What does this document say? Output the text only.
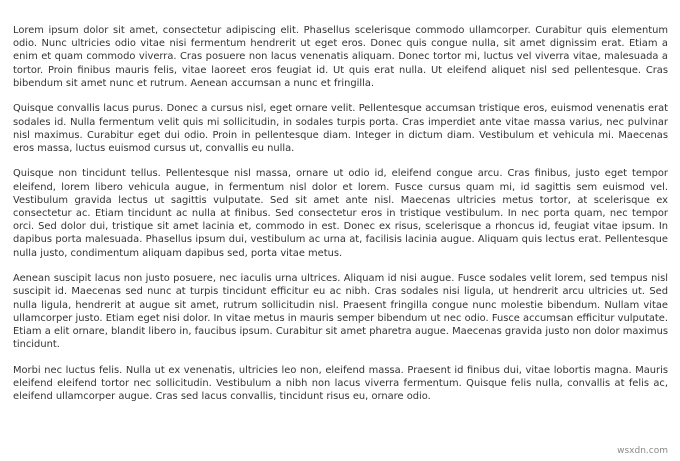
Lorem ipsum dolor sit amet, consectetur adipiscing elit. Phasellus scelerisque commodo ullamcorper. Curabitur quis elementum odio. Nunc ultricies odio vitae nisi fermentum hendrerit ut eget eros. Donec quis congue nulla, sit amet dignissim erat. Etiam a enim et quam commodo viverra. Cras posuere non lacus venenatis aliquam. Donec tortor mi, luctus vel viverra vitae, malesuada a tortor. Proin finibus mauris felis, vitae laoreet eros feugiat id. Ut quis erat nulla. Ut eleifend aliquet nisl sed pellentesque. Cras bibendum sit amet nunc et rutrum. Aenean accumsan a nunc et fringilla.

Quisque convallis lacus purus. Donec a cursus nisl, eget ornare velit. Pellentesque accumsan tristique eros, euismod venenatis erat sodales id. Nulla fermentum velit quis mi sollicitudin, in sodales turpis porta. Cras imperdiet ante vitae massa varius, nec pulvinar nisl maximus. Curabitur eget dui odio. Proin in pellentesque diam. Integer in dictum diam. Vestibulum et vehicula mi. Maecenas eros massa, luctus euismod cursus ut, convallis eu nulla.

Quisque non tincidunt tellus. Pellentesque nisl massa, ornare ut odio id, eleifend congue arcu. Cras finibus, justo eget tempor eleifend, lorem libero vehicula augue, in fermentum nisl dolor et lorem. Fusce cursus quam mi, id sagittis sem euismod vel. Vestibulum gravida lectus ut sagittis vulputate. Sed sit amet ante nisl. Maecenas ultricies metus tortor, at scelerisque ex consectetur ac. Etiam tincidunt ac nulla at finibus. Sed consectetur eros in tristique vestibulum. In nec porta quam, nec tempor orci. Sed dolor dui, tristique sit amet lacinia et, commodo in est. Donec ex risus, scelerisque a rhoncus id, feugiat vitae ipsum. In dapibus porta malesuada. Phasellus ipsum dui, vestibulum ac urna at, facilisis lacinia augue. Aliquam quis lectus erat. Pellentesque nulla justo, condimentum aliquam dapibus sed, porta vitae metus.

Aenean suscipit lacus non justo posuere, nec iaculis urna ultrices. Aliquam id nisi augue. Fusce sodales velit lorem, sed tempus nisl suscipit id. Maecenas sed nunc at turpis tincidunt efficitur eu ac nibh. Cras sodales nisi ligula, ut hendrerit arcu ultricies ut. Sed nulla ligula, hendrerit at augue sit amet, rutrum sollicitudin nisl. Praesent fringilla congue nunc molestie bibendum. Nullam vitae ullamcorper justo. Etiam eget nisi dolor. In vitae metus in mauris semper bibendum ut nec odio. Fusce accumsan efficitur vulputate. Etiam a elit ornare, blandit libero in, faucibus ipsum. Curabitur sit amet pharetra augue. Maecenas gravida justo non dolor maximus tincidunt.

Morbi nec luctus felis. Nulla ut ex venenatis, ultricies leo non, eleifend massa. Praesent id finibus dui, vitae lobortis magna. Mauris eleifend eleifend tortor nec sollicitudin. Vestibulum a nibh non lacus viverra fermentum. Quisque felis nulla, convallis at felis ac, eleifend ullamcorper augue. Cras sed lacus convallis, tincidunt risus eu, ornare odio.

wsxdn.com
